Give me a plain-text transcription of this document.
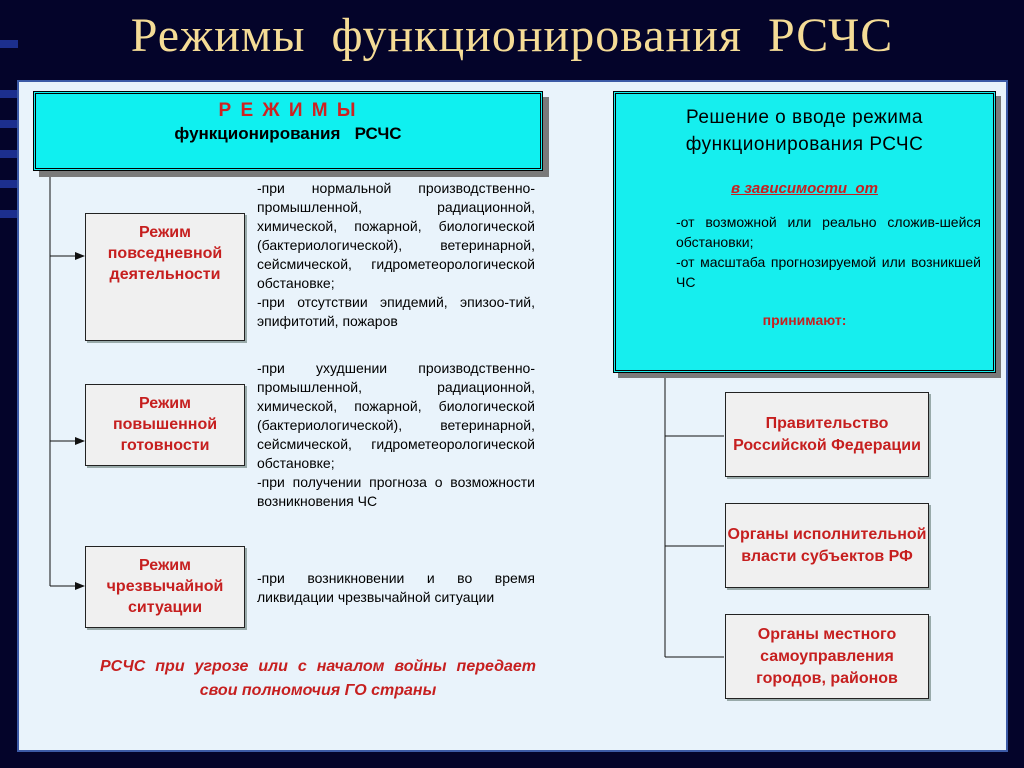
Режимы  функционирования  РСЧС
Р Е Ж И М Ы
функционирования   РСЧС
Режим повседневной деятельности
Режим повышенной готовности
Режим чрезвычайной ситуации
-при нормальной производственно-промышленной, радиационной, химической, пожарной, биологической (бактериологической), ветеринарной, сейсмической, гидрометеорологической обстановке;
-при отсутствии эпидемий, эпизоо-тий, эпифитотий, пожаров
-при ухудшении производственно-промышленной, радиационной, химической, пожарной, биологической (бактериологической), ветеринарной, сейсмической, гидрометеорологической обстановке;
-при получении прогноза о возможности возникновения ЧС
-при возникновении и во время ликвидации чрезвычайной ситуации
РСЧС при угрозе или с началом войны передает свои полномочия ГО страны
Решение о вводе режима функционирования РСЧС
в зависимости  от
-от возможной или реально сложив-шейся обстановки;
-от масштаба прогнозируемой или возникшей ЧС
принимают:
Правительство Российской Федерации
Органы исполнительной власти субъектов РФ
Органы местного самоуправления городов, районов
